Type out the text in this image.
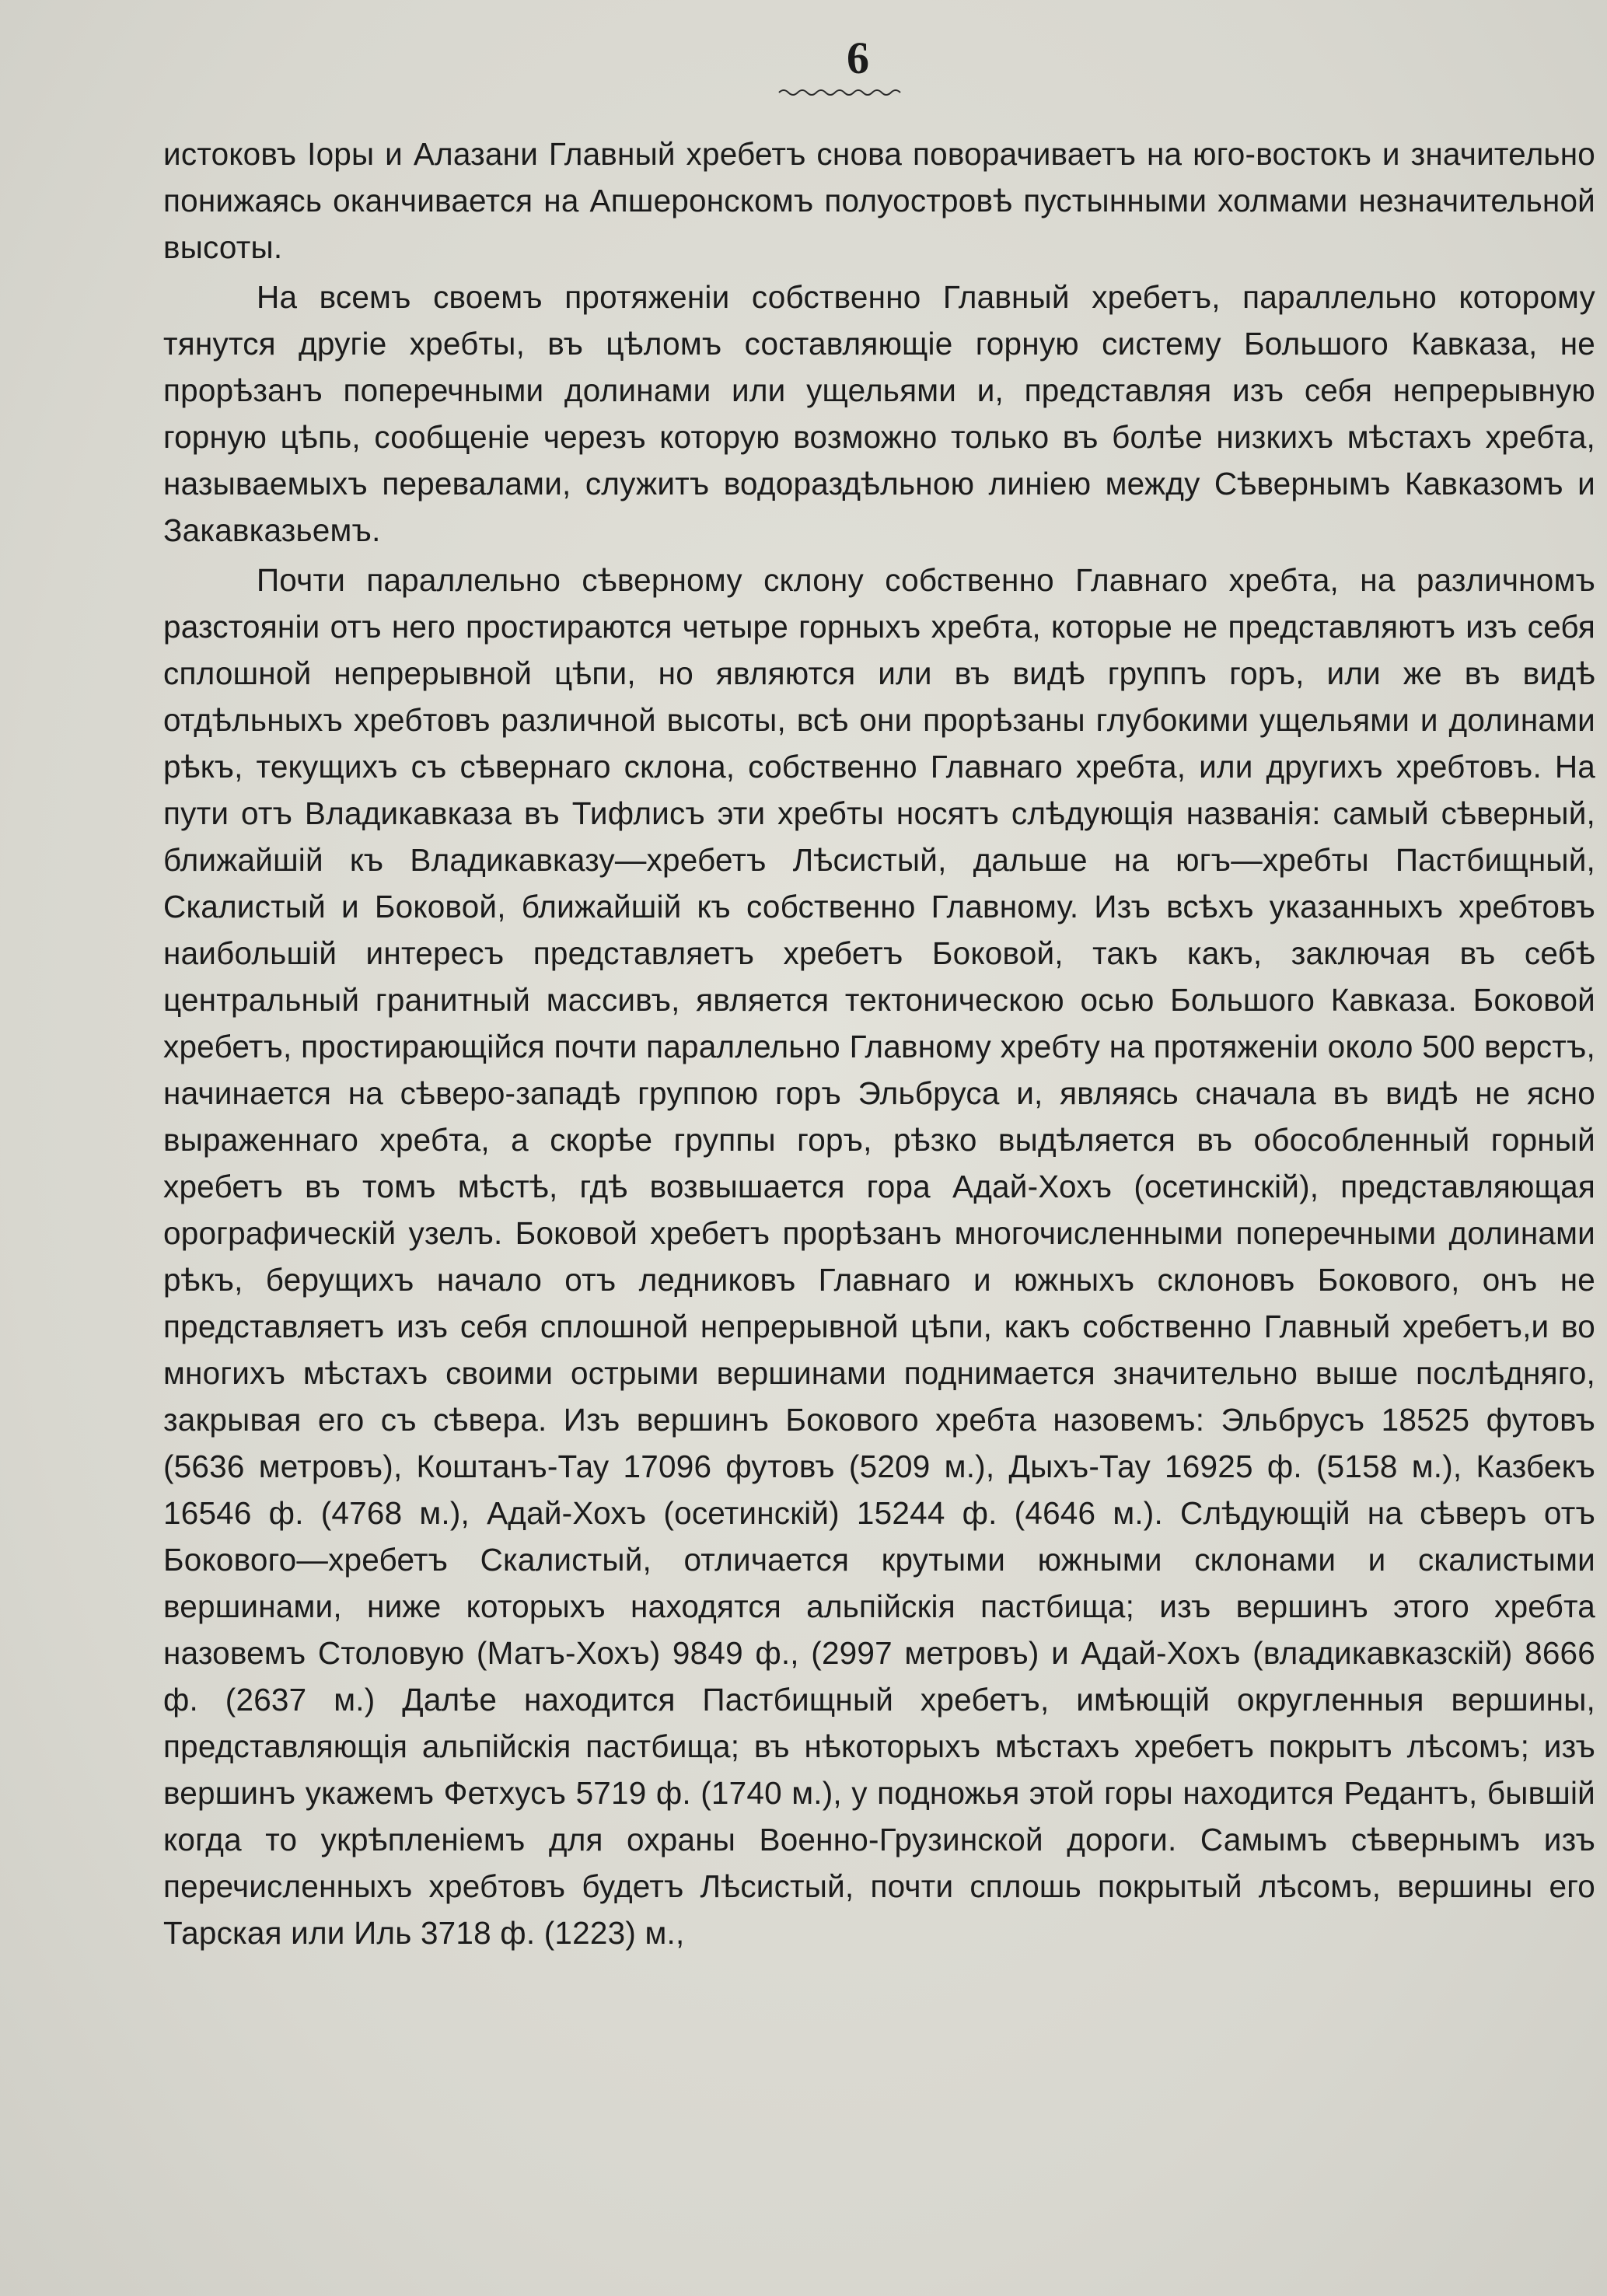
6

истоковъ Іоры и Алазани Главный хребетъ снова поворачиваетъ на юго-востокъ и значительно понижаясь оканчивается на Апшеронскомъ полуостровѣ пустынными холмами незначительной высоты.

На всемъ своемъ протяженіи собственно Главный хребетъ, параллельно которому тянутся другіе хребты, въ цѣломъ составляющіе горную систему Большого Кавказа, не прорѣзанъ поперечными долинами или ущельями и, представляя изъ себя непрерывную горную цѣпь, сообщеніе черезъ которую возможно только въ болѣе низкихъ мѣстахъ хребта, называемыхъ перевалами, служитъ водораздѣльною линіею между Сѣвернымъ Кавказомъ и Закавказьемъ.

Почти параллельно сѣверному склону собственно Главнаго хребта, на различномъ разстояніи отъ него простираются четыре горныхъ хребта, которые не представляютъ изъ себя сплошной непрерывной цѣпи, но являются или въ видѣ группъ горъ, или же въ видѣ отдѣльныхъ хребтовъ различной высоты, всѣ они прорѣзаны глубокими ущельями и долинами рѣкъ, текущихъ съ сѣвернаго склона, собственно Главнаго хребта, или другихъ хребтовъ. На пути отъ Владикавказа въ Тифлисъ эти хребты носятъ слѣдующія названія: самый сѣверный, ближайшій къ Владикавказу—хребетъ Лѣсистый, дальше на югъ—хребты Пастбищный, Скалистый и Боковой, ближайшій къ собственно Главному. Изъ всѣхъ указанныхъ хребтовъ наибольшій интересъ представляетъ хребетъ Боковой, такъ какъ, заключая въ себѣ центральный гранитный массивъ, является тектоническою осью Большого Кавказа. Боковой хребетъ, простирающійся почти параллельно Главному хребту на протяженіи около 500 верстъ, начинается на сѣверо-западѣ группою горъ Эльбруса и, являясь сначала въ видѣ не ясно выраженнаго хребта, а скорѣе группы горъ, рѣзко выдѣляется въ обособленный горный хребетъ въ томъ мѣстѣ, гдѣ возвышается гора Адай-Хохъ (осетинскій), представляющая орографическій узелъ. Боковой хребетъ прорѣзанъ многочисленными поперечными долинами рѣкъ, берущихъ начало отъ ледниковъ Главнаго и южныхъ склоновъ Бокового, онъ не представляетъ изъ себя сплошной непрерывной цѣпи, какъ собственно Главный хребетъ,и во многихъ мѣстахъ своими острыми вершинами поднимается значительно выше послѣдняго, закрывая его съ сѣвера. Изъ вершинъ Бокового хребта назовемъ: Эльбрусъ 18525 футовъ (5636 метровъ), Коштанъ-Тау 17096 футовъ (5209 м.), Дыхъ-Тау 16925 ф. (5158 м.), Казбекъ 16546 ф. (4768 м.), Адай-Хохъ (осетинскій) 15244 ф. (4646 м.). Слѣдующій на сѣверъ отъ Бокового—хребетъ Скалистый, отличается крутыми южными склонами и скалистыми вершинами, ниже которыхъ находятся альпійскія пастбища; изъ вершинъ этого хребта назовемъ Столовую (Матъ-Хохъ) 9849 ф., (2997 метровъ) и Адай-Хохъ (владикавказскій) 8666 ф. (2637 м.) Далѣе находится Пастбищный хребетъ, имѣющій округленныя вершины, представляющія альпійскія пастбища; въ нѣкоторыхъ мѣстахъ хребетъ покрытъ лѣсомъ; изъ вершинъ укажемъ Фетхусъ 5719 ф. (1740 м.), у подножья этой горы находится Редантъ, бывшій когда то укрѣпленіемъ для охраны Военно-Грузинской дороги. Самымъ сѣвернымъ изъ перечисленныхъ хребтовъ будетъ Лѣсистый, почти сплошь покрытый лѣсомъ, вершины его Тарская или Иль 3718 ф. (1223) м.,
